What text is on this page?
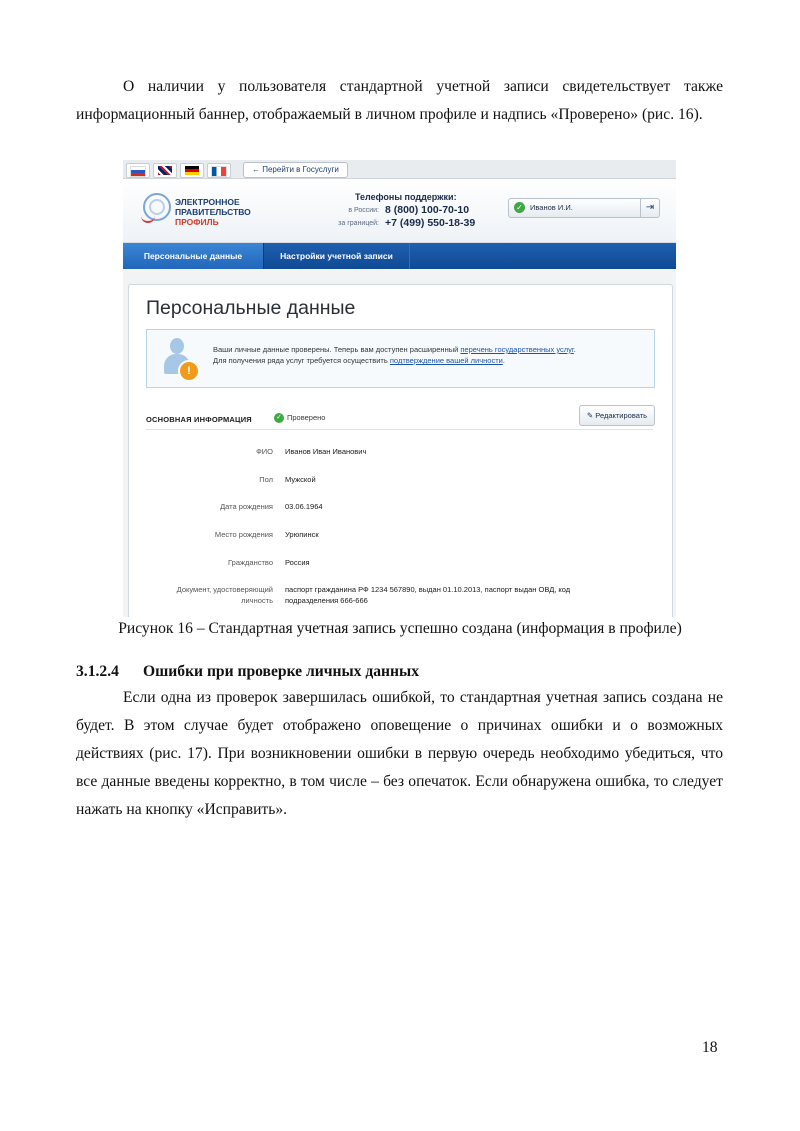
О наличии у пользователя стандартной учетной записи свидетельствует также информационный баннер, отображаемый в личном профиле и надпись «Проверено» (рис. 16).
← Перейти в Госуслуги
ЭЛЕКТРОННОЕ
ПРАВИТЕЛЬСТВО
ПРОФИЛЬ
Телефоны поддержки:
в России: 8 (800) 100-70-10
за границей: +7 (499) 550-18-39
✓ Иванов И.И.	⇥
Персональные данные	Настройки учетной записи
Персональные данные
!
Ваши личные данные проверены. Теперь вам доступен расширенный перечень государственных услуг.
Для получения ряда услуг требуется осуществить подтверждение вашей личности.
ОСНОВНАЯ ИНФОРМАЦИЯ	✓ Проверено	✎ Редактировать
ФИО Иванов Иван Иванович
Пол Мужской
Дата рождения 03.06.1964
Место рождения Урюпинск
Гражданство Россия
Документ, удостоверяющий
личность
паспорт гражданина РФ 1234 567890, выдан 01.10.2013, паспорт выдан ОВД, код
подразделения 666-666
Рисунок 16 – Стандартная учетная запись успешно создана (информация в профиле)
3.1.2.4 Ошибки при проверке личных данных
Если одна из проверок завершилась ошибкой, то стандартная учетная запись создана не будет. В этом случае будет отображено оповещение о причинах ошибки и о возможных действиях (рис. 17). При возникновении ошибки в первую очередь необходимо убедиться, что все данные введены корректно, в том числе – без опечаток. Если обнаружена ошибка, то следует нажать на кнопку «Исправить».
18
